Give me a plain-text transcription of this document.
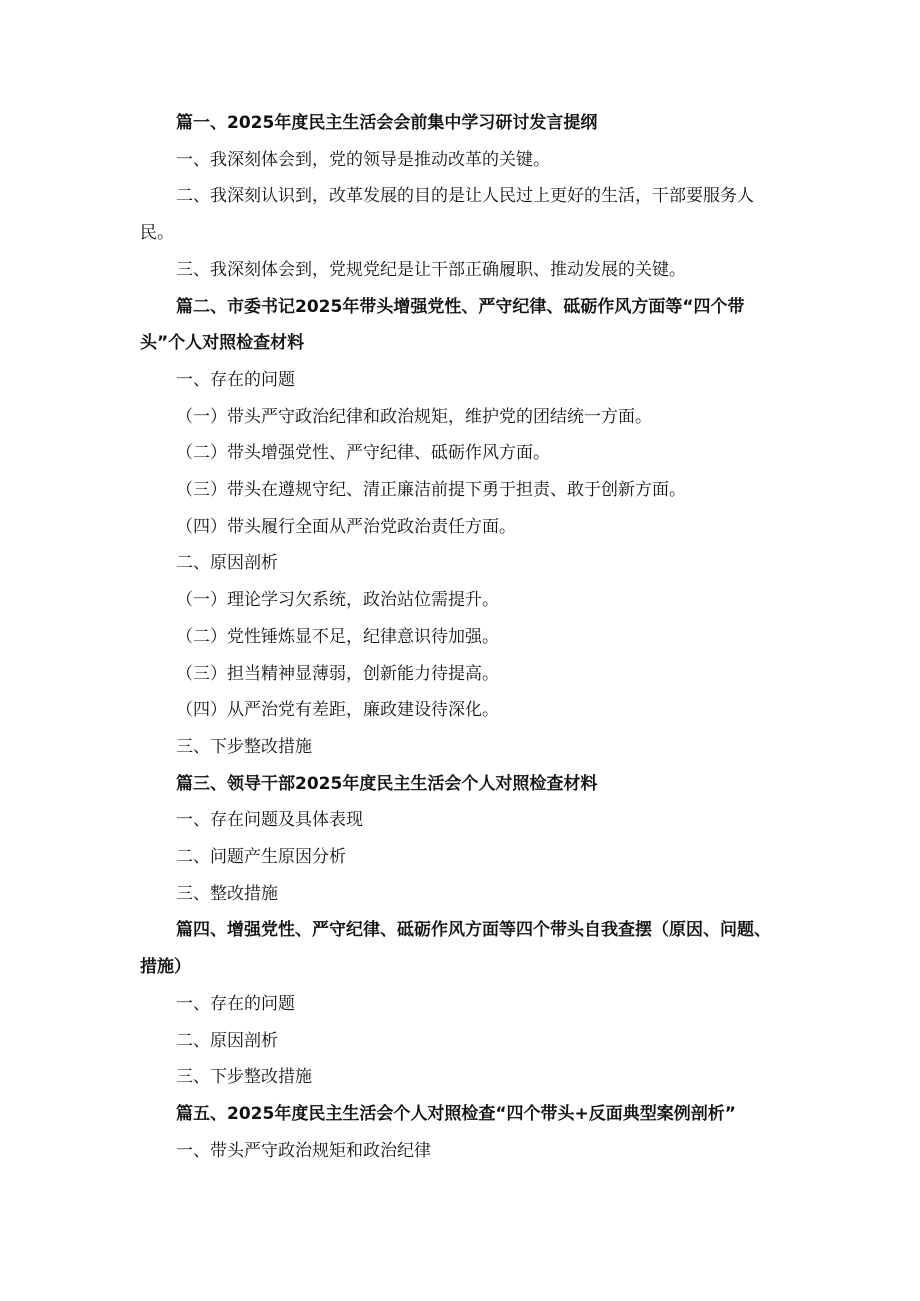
篇一、2025年度民主生活会会前集中学习研讨发言提纲

一、我深刻体会到，党的领导是推动改革的关键。

二、我深刻认识到，改革发展的目的是让人民过上更好的生活，干部要服务人民。

三、我深刻体会到，党规党纪是让干部正确履职、推动发展的关键。

篇二、市委书记2025年带头增强党性、严守纪律、砥砺作风方面等“四个带头”个人对照检查材料

一、存在的问题

（一）带头严守政治纪律和政治规矩，维护党的团结统一方面。

（二）带头增强党性、严守纪律、砥砺作风方面。

（三）带头在遵规守纪、清正廉洁前提下勇于担责、敢于创新方面。

（四）带头履行全面从严治党政治责任方面。

二、原因剖析

（一）理论学习欠系统，政治站位需提升。

（二）党性锤炼显不足，纪律意识待加强。

（三）担当精神显薄弱，创新能力待提高。

（四）从严治党有差距，廉政建设待深化。

三、下步整改措施

篇三、领导干部2025年度民主生活会个人对照检查材料

一、存在问题及具体表现

二、问题产生原因分析

三、整改措施

篇四、增强党性、严守纪律、砥砺作风方面等四个带头自我查摆（原因、问题、措施）

一、存在的问题

二、原因剖析

三、下步整改措施

篇五、2025年度民主生活会个人对照检查“四个带头+反面典型案例剖析”

一、带头严守政治规矩和政治纪律
